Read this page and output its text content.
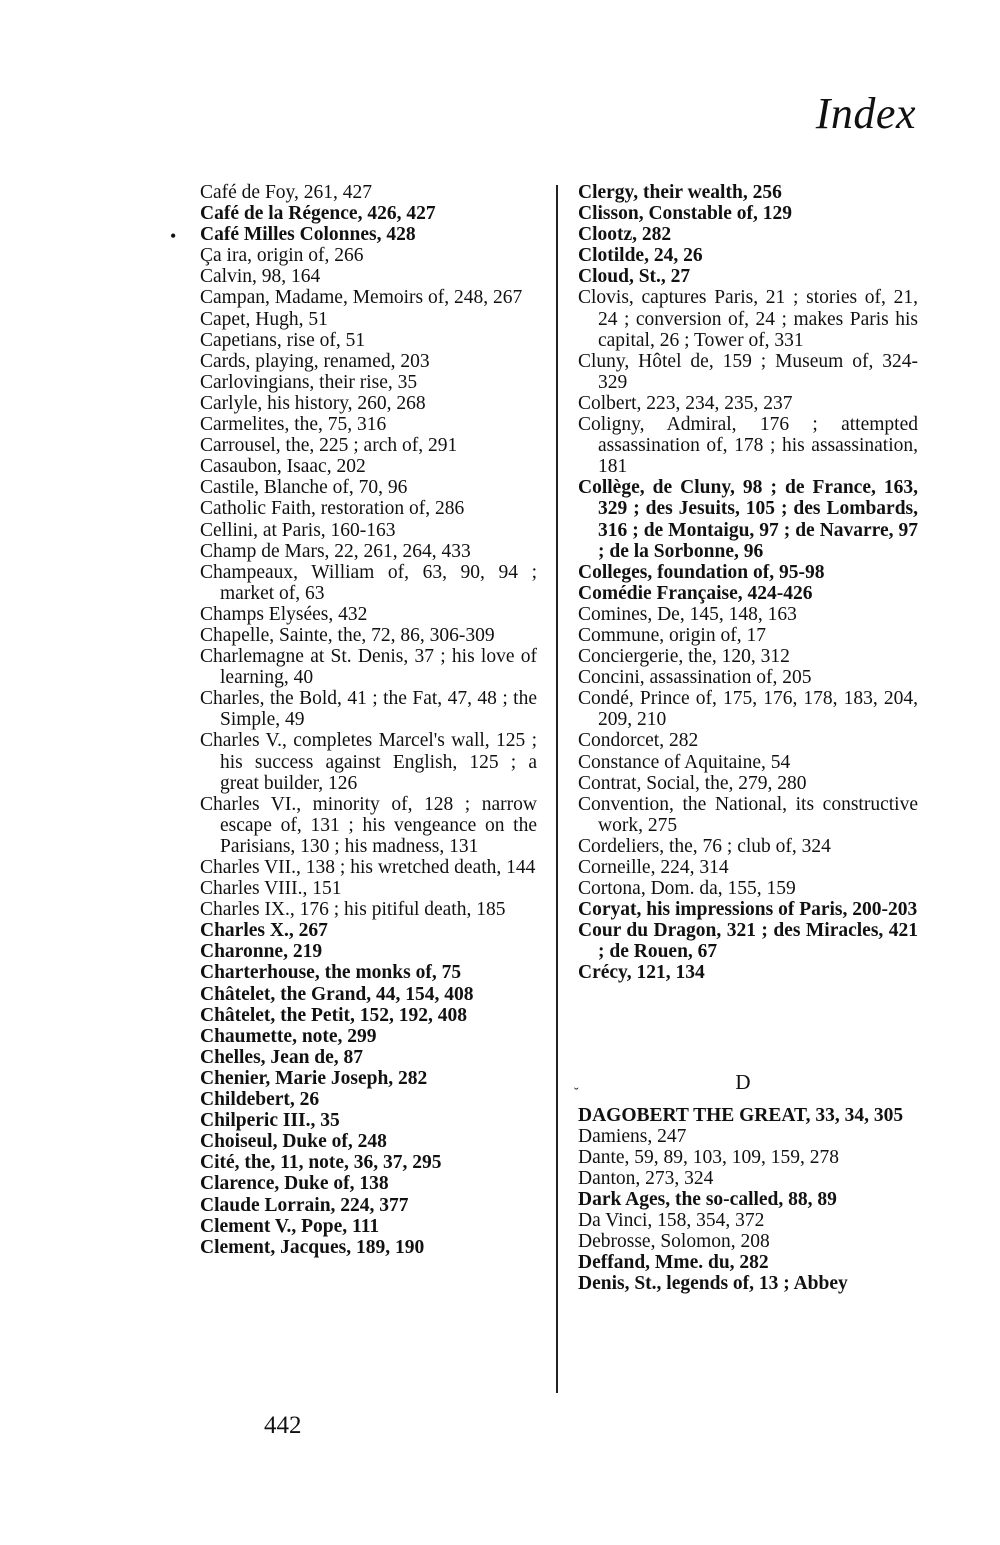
Index
•

Café de Foy, 261, 427

Café de la Régence, 426, 427

Café Milles Colonnes, 428

Ça ira, origin of, 266

Calvin, 98, 164

Campan, Madame, Memoirs of, 248, 267

Capet, Hugh, 51

Capetians, rise of, 51

Cards, playing, renamed, 203

Carlovingians, their rise, 35

Carlyle, his history, 260, 268

Carmelites, the, 75, 316

Carrousel, the, 225 ; arch of, 291

Casaubon, Isaac, 202

Castile, Blanche of, 70, 96

Catholic Faith, restoration of, 286

Cellini, at Paris, 160-163

Champ de Mars, 22, 261, 264, 433

Champeaux, William of, 63, 90, 94 ; market of, 63

Champs Elysées, 432

Chapelle, Sainte, the, 72, 86, 306-309

Charlemagne at St. Denis, 37 ; his love of learning, 40

Charles, the Bold, 41 ; the Fat, 47, 48 ; the Simple, 49

Charles V., completes Marcel's wall, 125 ; his success against English, 125 ; a great builder, 126

Charles VI., minority of, 128 ; narrow escape of, 131 ; his vengeance on the Parisians, 130 ; his madness, 131

Charles VII., 138 ; his wretched death, 144

Charles VIII., 151

Charles IX., 176 ; his pitiful death, 185

Charles X., 267

Charonne, 219

Charterhouse, the monks of, 75

Châtelet, the Grand, 44, 154, 408

Châtelet, the Petit, 152, 192, 408

Chaumette, note, 299

Chelles, Jean de, 87

Chenier, Marie Joseph, 282

Childebert, 26

Chilperic III., 35

Choiseul, Duke of, 248

Cité, the, 11, note, 36, 37, 295

Clarence, Duke of, 138

Claude Lorrain, 224, 377

Clement V., Pope, 111

Clement, Jacques, 189, 190

Clergy, their wealth, 256

Clisson, Constable of, 129

Clootz, 282

Clotilde, 24, 26

Cloud, St., 27

Clovis, captures Paris, 21 ; stories of, 21, 24 ; conversion of, 24 ; makes Paris his capital, 26 ; Tower of, 331

Cluny, Hôtel de, 159 ; Museum of, 324-329

Colbert, 223, 234, 235, 237

Coligny, Admiral, 176 ; attempted assassination of, 178 ; his assassination, 181

Collège, de Cluny, 98 ; de France, 163, 329 ; des Jesuits, 105 ; des Lombards, 316 ; de Montaigu, 97 ; de Navarre, 97 ; de la Sorbonne, 96

Colleges, foundation of, 95-98

Comédie Française, 424-426

Comines, De, 145, 148, 163

Commune, origin of, 17

Conciergerie, the, 120, 312

Concini, assassination of, 205

Condé, Prince of, 175, 176, 178, 183, 204, 209, 210

Condorcet, 282

Constance of Aquitaine, 54

Contrat, Social, the, 279, 280

Convention, the National, its constructive work, 275

Cordeliers, the, 76 ; club of, 324

Corneille, 224, 314

Cortona, Dom. da, 155, 159

Coryat, his impressions of Paris, 200-203

Cour du Dragon, 321 ; des Miracles, 421 ; de Rouen, 67

Crécy, 121, 134

D

DAGOBERT THE GREAT, 33, 34, 305

Damiens, 247

Dante, 59, 89, 103, 109, 159, 278

Danton, 273, 324

Dark Ages, the so-called, 88, 89

Da Vinci, 158, 354, 372

Debrosse, Solomon, 208

Deffand, Mme. du, 282

Denis, St., legends of, 13 ; Abbey

˘

442
